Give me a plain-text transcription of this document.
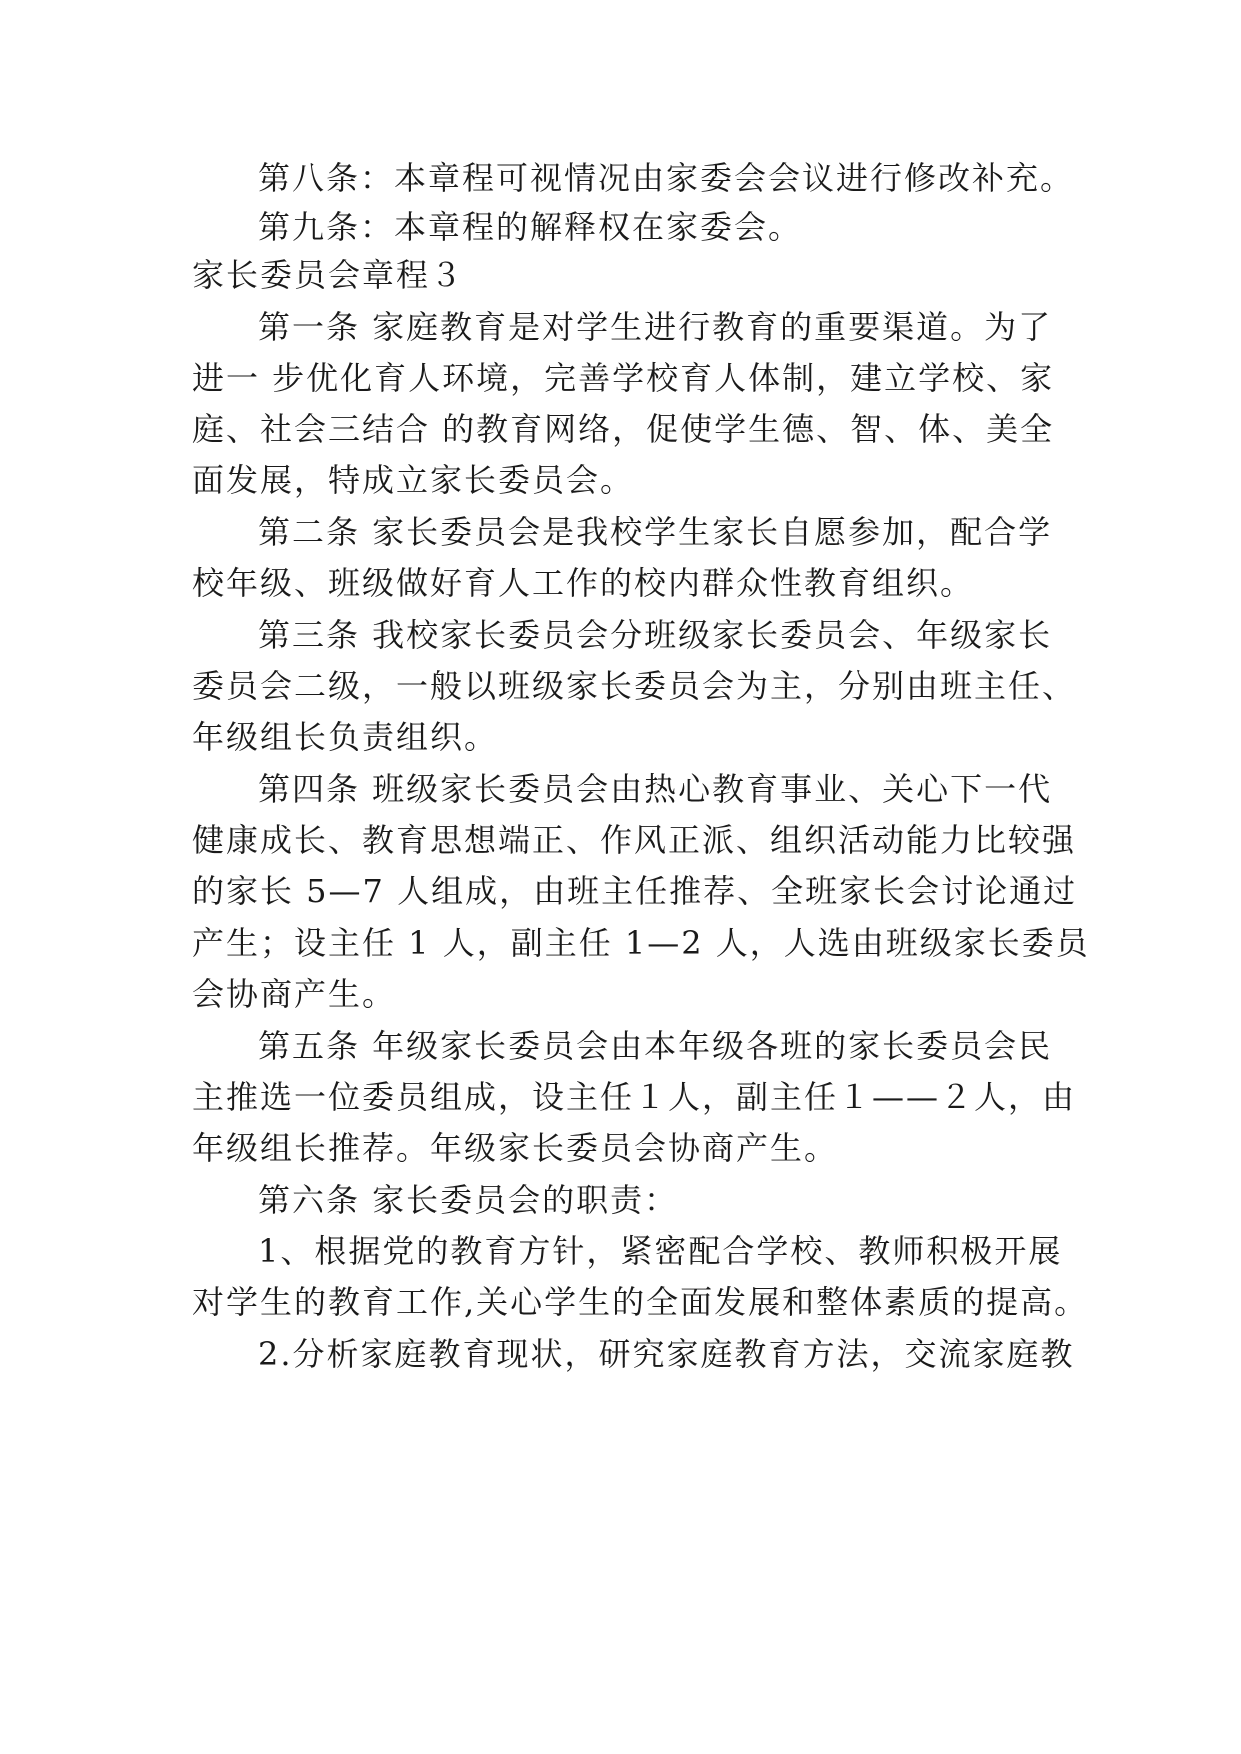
第八条：本章程可视情况由家委会会议进行修改补充。
第九条：本章程的解释权在家委会。
家长委员会章程３
第一条 家庭教育是对学生进行教育的重要渠道。为了
进一 步优化育人环境，完善学校育人体制，建立学校、家
庭、社会三结合 的教育网络，促使学生德、智、体、美全
面发展，特成立家长委员会。
第二条 家长委员会是我校学生家长自愿参加，配合学
校年级、班级做好育人工作的校内群众性教育组织。
第三条 我校家长委员会分班级家长委员会、年级家长
委员会二级，一般以班级家长委员会为主，分别由班主任、
年级组长负责组织。
第四条 班级家长委员会由热心教育事业、关心下一代
健康成长、教育思想端正、作风正派、组织活动能力比较强
的家长 5—7 人组成，由班主任推荐、全班家长会讨论通过
产生；设主任 1 人，副主任 1—2 人，人选由班级家长委员
会协商产生。
第五条 年级家长委员会由本年级各班的家长委员会民
主推选一位委员组成，设主任１人，副主任１——２人，由
年级组长推荐。年级家长委员会协商产生。
第六条 家长委员会的职责：
1、根据党的教育方针，紧密配合学校、教师积极开展
对学生的教育工作,关心学生的全面发展和整体素质的提高。
2.分析家庭教育现状，研究家庭教育方法，交流家庭教
